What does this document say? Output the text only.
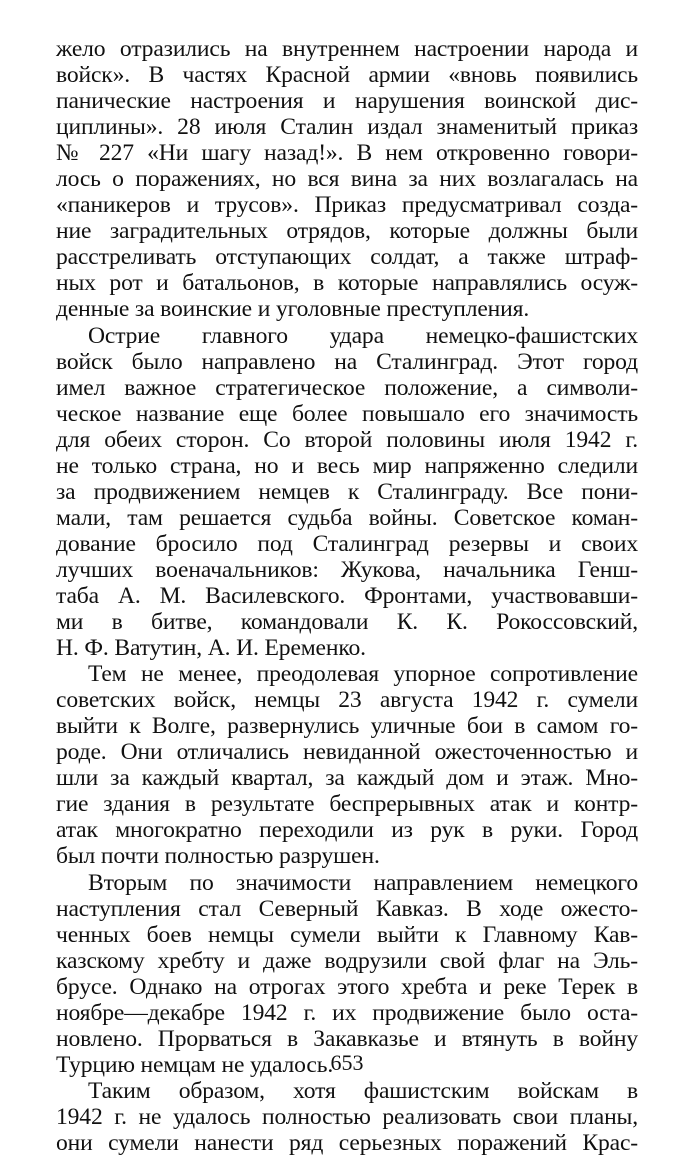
жело отразились на внутреннем настроении народа и
войск». В частях Красной армии «вновь появились
панические настроения и нарушения воинской дис-
циплины». 28 июля Сталин издал знаменитый приказ
№ 227 «Ни шагу назад!». В нем откровенно говори-
лось о поражениях, но вся вина за них возлагалась на
«паникеров и трусов». Приказ предусматривал созда-
ние заградительных отрядов, которые должны были
расстреливать отступающих солдат, а также штраф-
ных рот и батальонов, в которые направлялись осуж-
денные за воинские и уголовные преступления.
Острие главного удара немецко-фашистских
войск было направлено на Сталинград. Этот город
имел важное стратегическое положение, а символи-
ческое название еще более повышало его значимость
для обеих сторон. Со второй половины июля 1942 г.
не только страна, но и весь мир напряженно следили
за продвижением немцев к Сталинграду. Все пони-
мали, там решается судьба войны. Советское коман-
дование бросило под Сталинград резервы и своих
лучших военачальников: Жукова, начальника Генш-
таба А. М. Василевского. Фронтами, участвовавши-
ми в битве, командовали К. К. Рокоссовский,
Н. Ф. Ватутин, А. И. Еременко.
Тем не менее, преодолевая упорное сопротивление
советских войск, немцы 23 августа 1942 г. сумели
выйти к Волге, развернулись уличные бои в самом го-
роде. Они отличались невиданной ожесточенностью и
шли за каждый квартал, за каждый дом и этаж. Мно-
гие здания в результате беспрерывных атак и контр-
атак многократно переходили из рук в руки. Город
был почти полностью разрушен.
Вторым по значимости направлением немецкого
наступления стал Северный Кавказ. В ходе ожесто-
ченных боев немцы сумели выйти к Главному Кав-
казскому хребту и даже водрузили свой флаг на Эль-
брусе. Однако на отрогах этого хребта и реке Терек в
ноябре—декабре 1942 г. их продвижение было оста-
новлено. Прорваться в Закавказье и втянуть в войну
Турцию немцам не удалось.
Таким образом, хотя фашистским войскам в
1942 г. не удалось полностью реализовать свои планы,
они сумели нанести ряд серьезных поражений Крас-
653
